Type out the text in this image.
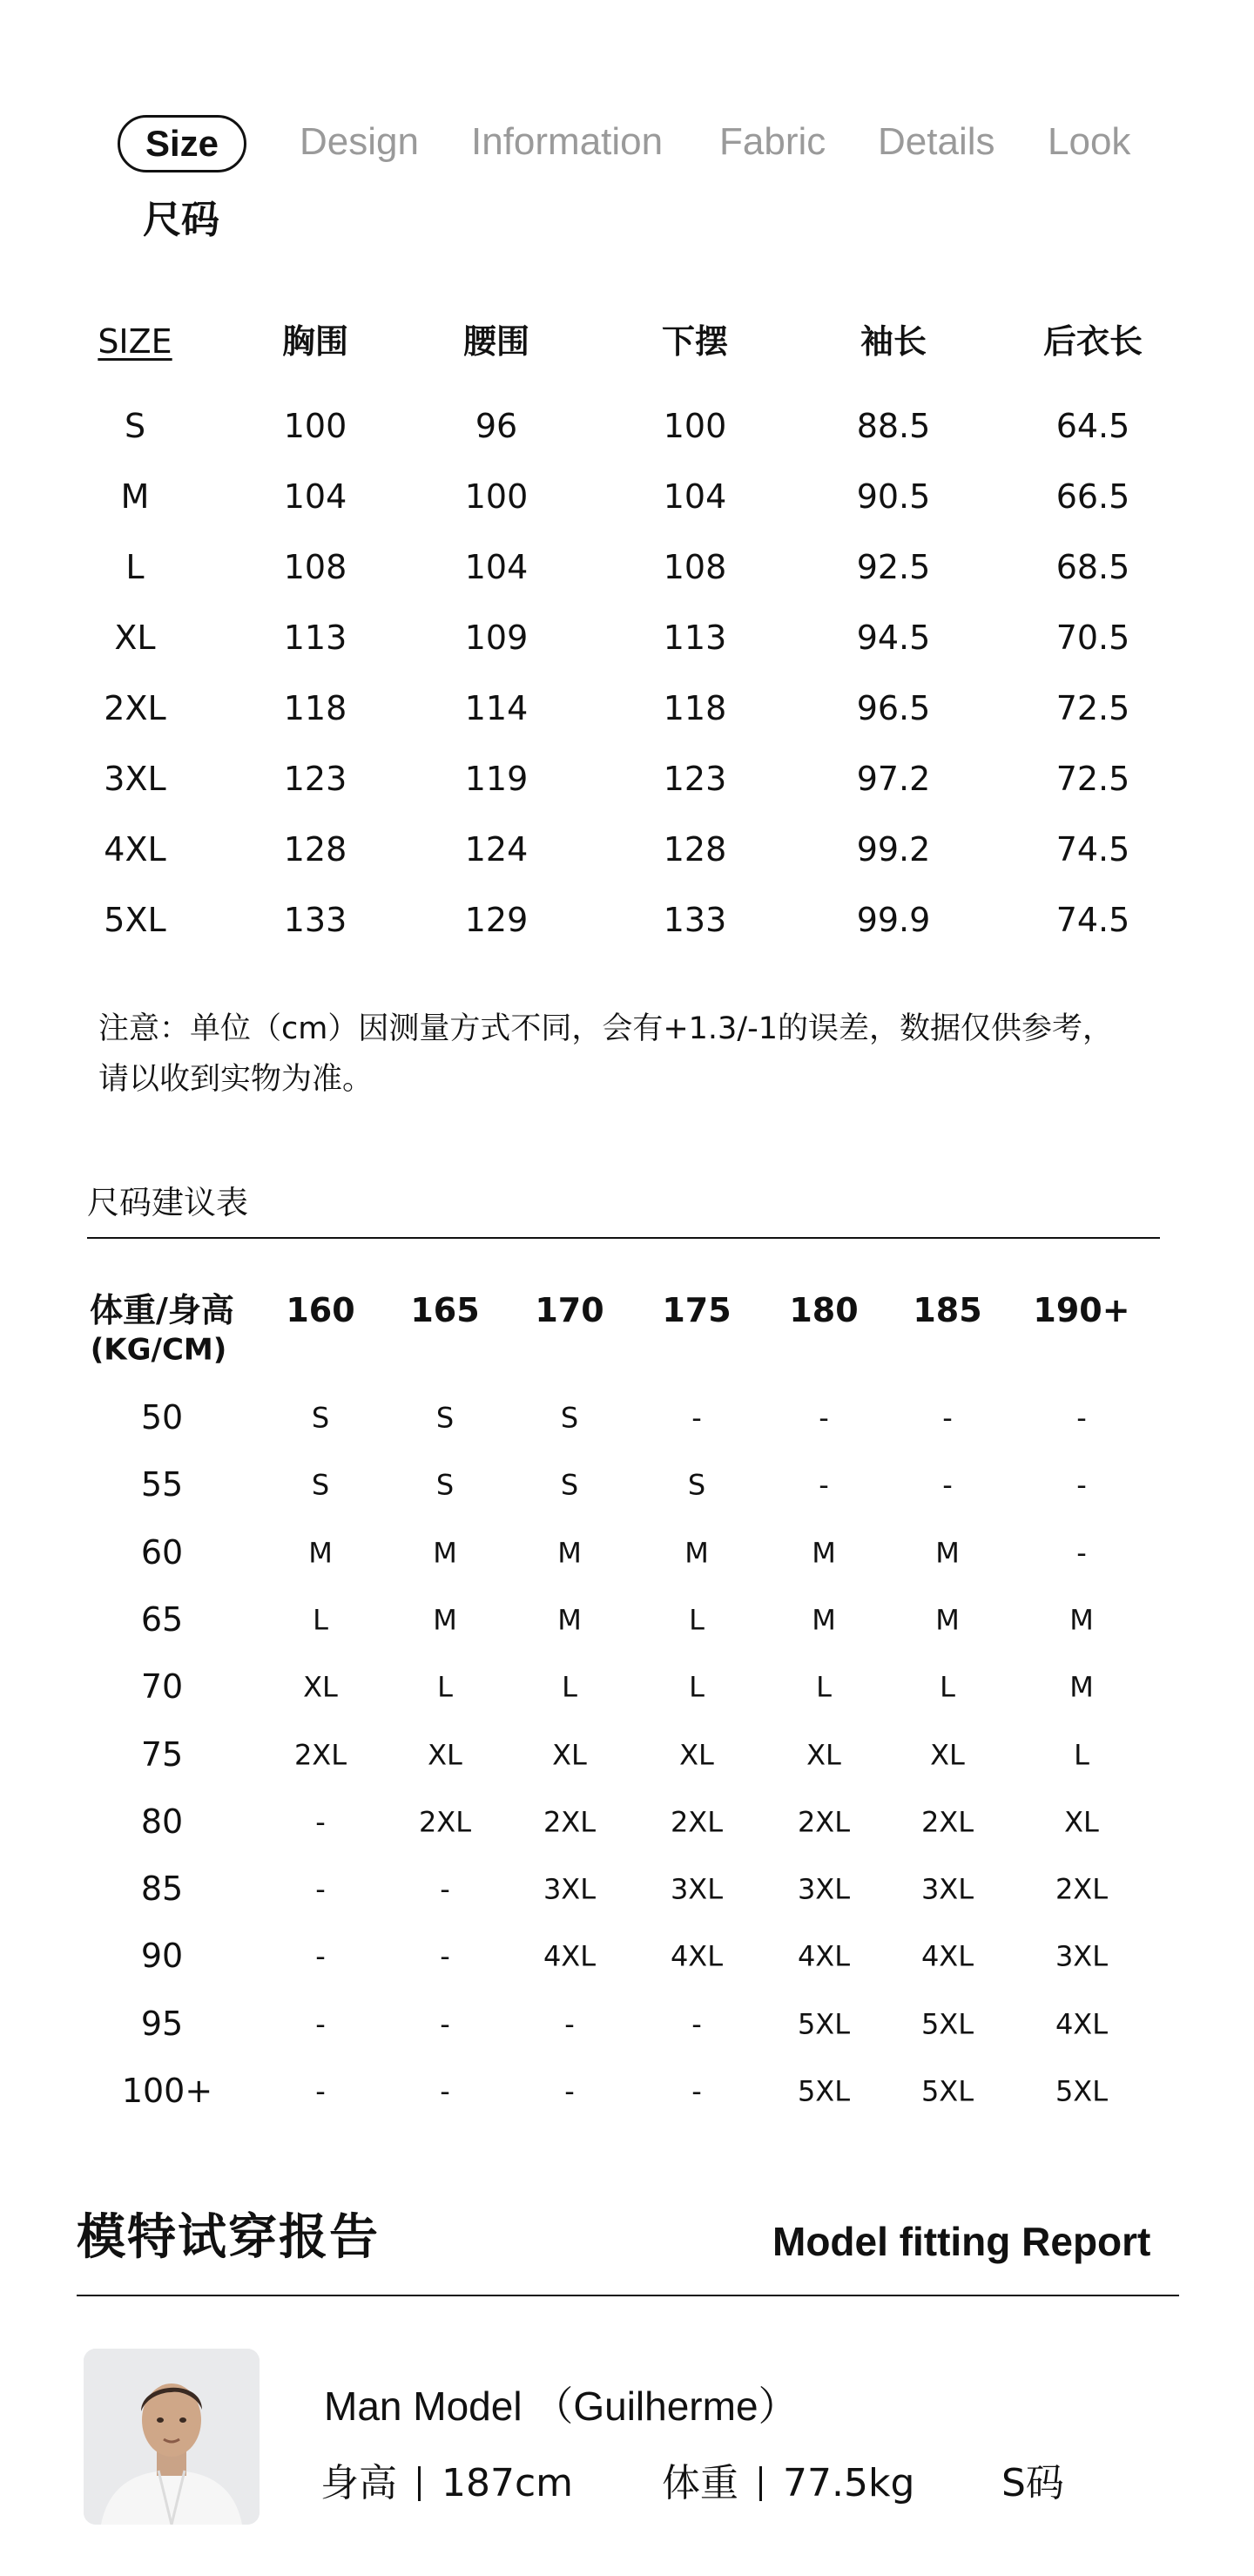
Size
尺码
Design Information Fabric Details Look
SIZE	胸围	腰围	下摆	袖长	后衣长
S	100	96	100	88.5	64.5
M	104	100	104	90.5	66.5
L	108	104	108	92.5	68.5
XL	113	109	113	94.5	70.5
2XL	118	114	118	96.5	72.5
3XL	123	119	123	97.2	72.5
4XL	128	124	128	99.2	74.5
5XL	133	129	133	99.9	74.5
注意：单位（cm）因测量方式不同，会有+1.3/-1的误差，数据仅供参考，
请以收到实物为准。
尺码建议表
体重/身高
(KG/CM)
160 165 170 175 180 185 190+
50	S	S	S	-	-	-	-
55	S	S	S	S	-	-	-
60	M	M	M	M	M	M	-
65	L	M	M	L	M	M	M
70	XL	L	L	L	L	L	M
75	2XL	XL	XL	XL	XL	XL	L
80	-	2XL	2XL	2XL	2XL	2XL	XL
85	-	-	3XL	3XL	3XL	3XL	2XL
90	-	-	4XL	4XL	4XL	4XL	3XL
95	-	-	-	-	5XL	5XL	4XL
100+	-	-	-	-	5XL	5XL	5XL
模特试穿报告	Model fitting Report
Man Model （Guilherme）
身高 187cm 体重 77.5kg S码
